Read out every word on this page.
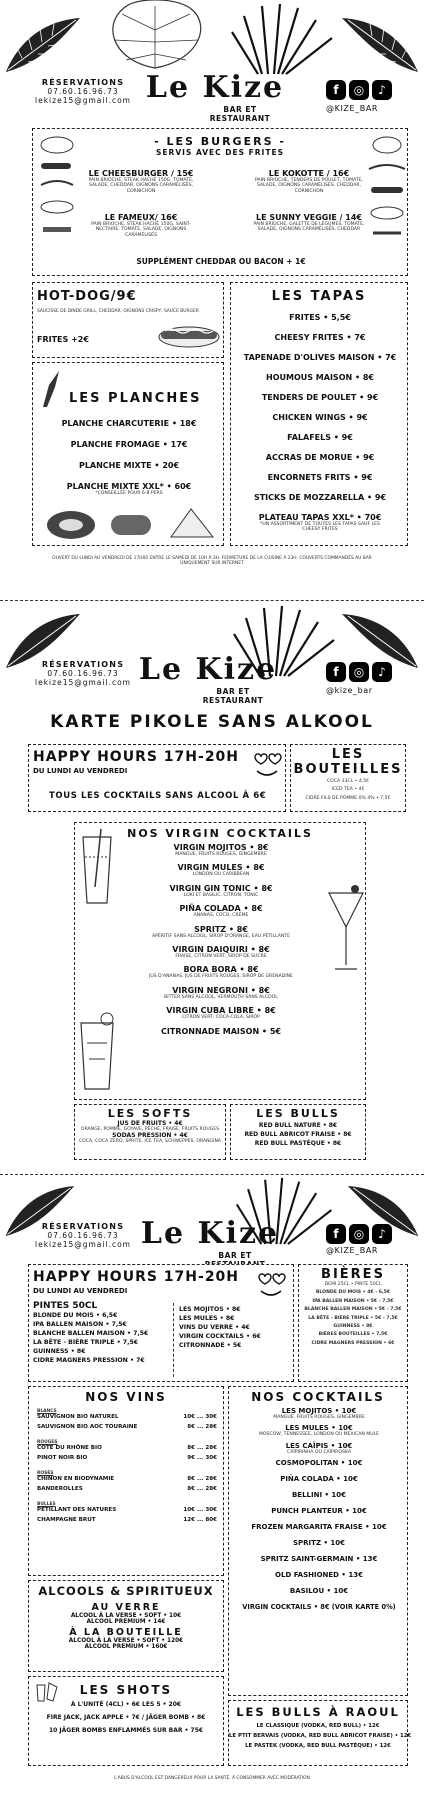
RÉSERVATIONS
07.60.16.96.73
lekize15@gmail.com Le Kize
BAR ET RESTAURANT
f	◎	♪
@KIZE_BAR
- LES BURGERS -
SERVIS AVEC DES FRITES
LE CHEESBURGER / 15€
PAIN BRIOCHE, STEAK HACHÉ 150G, TOMATE, SALADE, CHEDDAR, OIGNONS CARAMÉLISÉS, CORNICHON
LE KOKOTTE / 16€
PAIN BRIOCHE, TENDERS DE POULET, TOMATE, SALADE, OIGNONS CARAMÉLISÉS, CHEDDAR, CORNICHON
LE FAMEUX/ 16€
PAIN BRIOCHE, STEAK HACHÉ 150G, SAINT-NECTAIRE, TOMATE, SALADE, OIGNONS CARAMÉLISÉS
LE SUNNY VEGGIE / 14€
PAIN BRIOCHE, GALETTE DE LÉGUMES, TOMATE, SALADE, OIGNONS CARAMÉLISÉS, CHEDDAR
SUPPLÉMENT CHEDDAR OU BACON + 1€
HOT-DOG/9€
SAUCISSE DE DINDE GRILL, CHEDDAR, OIGNONS CRISPY, SAUCE BURGER
FRITES +2€
LES PLANCHES
PLANCHE CHARCUTERIE • 18€
PLANCHE FROMAGE • 17€
PLANCHE MIXTE • 20€
PLANCHE MIXTE XXL* • 60€
*CONSEILLÉE POUR 6-8 PERS
LES TAPAS
FRITES • 5,5€
CHEESY FRITES • 7€
TAPENADE D'OLIVES MAISON • 7€
HOUMOUS MAISON • 8€
TENDERS DE POULET • 9€
CHICKEN WINGS • 9€
FALAFELS • 9€
ACCRAS DE MORUE • 9€
ENCORNETS FRITS • 9€
STICKS DE MOZZARELLA • 9€
PLATEAU TAPAS XXL* • 70€
*UN ASSORTIMENT DE TOUTES LES TAPAS SAUF LES CHEESY FRITES
OUVERT DU LUNDI AU VENDREDI DE 17H00 ENTRE LE SAMEDI DE 10H À 3H. FERMETURE DE LA CUISINE À 23H. COUVERTS COMMANDÉS AU BAR UNIQUEMENT SUR INTERNET
RÉSERVATIONS
07.60.16.96.73
lekize15@gmail.com Le Kize
BAR ET RESTAURANT
f	◎	♪
@kize_bar
KARTE PIKOLE SANS ALKOOL
HAPPY HOURS 17H-20H
DU LUNDI AU VENDREDI
TOUS LES COCKTAILS SANS ALCOOL À 6€
LES BOUTEILLES
COCA 33CL • 4,5€
ICED TEA • 4€
CIDRE FILS DE POMME 0% 4% • 7,5€
NOS VIRGIN COCKTAILS
VIRGIN MOJITOS • 8€
MANGUE, FRUITS ROUGES, GINGEMBRE
VIRGIN MULES • 8€
LONDON OU CARIBBEAN
VIRGIN GIN TONIC • 8€
LOKI ET BASILIC, CITRON, TONIC
PIÑA COLADA • 8€
ANANAS, COCO, CRÈME
SPRITZ • 8€
APÉRITIF SANS ALCOOL, SIROP D'ORANGE, EAU PÉTILLANTE
VIRGIN DAIQUIRI • 8€
FRAISE, CITRON VERT, SIROP DE SUCRE
BORA BORA • 8€
JUS D'ANANAS, JUS DE FRUITS ROUGES, SIROP DE GRENADINE
VIRGIN NEGRONI • 8€
BITTER SANS ALCOOL, VERMOUTH SANS ALCOOL
VIRGIN CUBA LIBRE • 8€
CITRON VERT, COCA-COLA, SIROP
CITRONNADE MAISON • 5€
LES SOFTS
JUS DE FRUITS • 4€
ORANGE, POMME, GOYAVE, PÊCHE, FRAISE, FRUITS ROUGES
SODAS PRESSION • 4€
COCA, COCA ZÉRO, SPRITE, ICE TEA, SCHWEPPES, ORANGINA
LES BULLS
RED BULL NATURE • 8€
RED BULL ABRICOT FRAISE • 8€
RED BULL PASTÈQUE • 8€
RÉSERVATIONS
07.60.16.96.73
lekize15@gmail.com Le Kize
BAR ET
f	◎	♪
@KIZE_BAR
HAPPY HOURS 17H-20H
DU LUNDI AU VENDREDI
PINTES 50CL
BLONDE DU MOIS • 6,5€
IPA BALLEN MAISON • 7,5€
BLANCHE BALLEN MAISON • 7,5€
LA BÊTE - BIÈRE TRIPLE • 7,5€
GUINNESS • 8€
CIDRE MAGNERS PRESSION • 7€
LES MOJITOS • 8€
LES MULES • 8€
VINS DU VERRE • 4€
VIRGIN COCKTAILS • 6€
CITRONNADE • 5€
BIÈRES
DEMI 25CL • PINTE 50CL
BLONDE DU MOIS • 4€ - 6,5€
IPA BALLEN MAISON • 5€ - 7,5€
BLANCHE BALLEN MAISON • 5€ - 7,5€
LA BÊTE - BIÈRE TRIPLE • 5€ - 7,5€
GUINNESS • 8€
BIÈRES BOUTEILLES • 7,5€
CIDRE MAGNERS PRESSION • 6€
NOS VINS
BLANCS
SAUVIGNON BIO NATUREL	10€ ... 30€
SAUVIGNON BIO AOC TOURAINE	8€ ... 28€
ROUGES
CÔTE DU RHÔNE BIO	8€ ... 28€
PINOT NOIR BIO	9€ ... 30€
ROSÉS
CHINON EN BIODYNAMIE	8€ ... 28€
BANDEROLLES	8€ ... 28€
BULLES
PÉTILLANT DES NATURES	10€ ... 30€
CHAMPAGNE BRUT	12€ ... 80€
ALCOOLS & SPIRITUEUX
AU VERRE
ALCOOL À LA VERSE • SOFT • 10€
ALCOOL PREMIUM • 14€
À LA BOUTEILLE
ALCOOL À LA VERSE • SOFT • 120€
ALCOOL PREMIUM • 160€
NOS COCKTAILS
LES MOJITOS • 10€
MANGUE, FRUITS ROUGES, GINGEMBRE
LES MULES • 10€
MOSCOW, TENNESSEE, LONDON OU MEXICAN MULE
LES CAÏPIS • 10€
CAÏPIRINHA OU CAÏPIROSKA
COSMOPOLITAN • 10€
PIÑA COLADA • 10€
BELLINI • 10€
PUNCH PLANTEUR • 10€
FROZEN MARGARITA FRAISE • 10€
SPRITZ • 10€
SPRITZ SAINT-GERMAIN • 13€
OLD FASHIONED • 13€
BASILOU • 10€
VIRGIN COCKTAILS • 8€ (VOIR KARTE 0%)
LES SHOTS
À L'UNITÉ (4CL) • 6€ LES 5 • 20€
FIRE JACK, JACK APPLE • 7€ / JÄGER BOMB • 8€
10 JÄGER BOMBS ENFLAMMÉS SUR BAR • 75€
LES BULLS À RAOUL
LE CLASSIQUE (VODKA, RED BULL) • 12€
LE PTIT BERVAIS (VODKA, RED BULL ABRICOT FRAISE) • 12€
LE PASTEK (VODKA, RED BULL PASTÈQUE) • 12€
L'ABUS D'ALCOOL EST DANGEREUX POUR LA SANTÉ, À CONSOMMER AVEC MODÉRATION
